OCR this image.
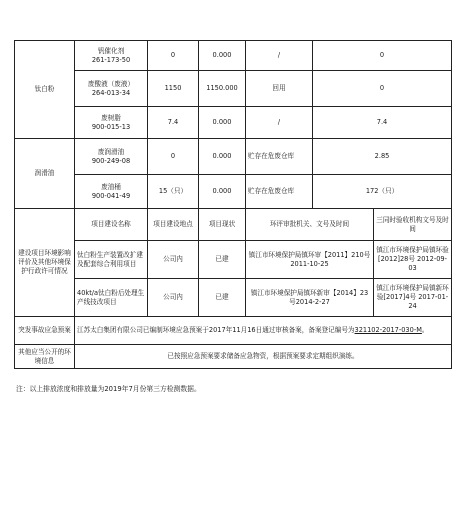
钛白粉	钒催化剂
261-173-50	0	0.000	/	0	
	废酸液（废液）
264-013-34	1150	1150.000	回用	0	
	废树脂
900-015-13	7.4	0.000	/	7.4	
润滑油	废润滑油
900-249-08	0	0.000	贮存在危废仓库	2.85	
	废油桶
900-041-49	15（只）	0.000	贮存在危废仓库	172（只）	
建设项目环境影响评价及其他环境保护行政许可情况	项目建设名称	项目建设地点	项目现状	环评审批机关、文号及时间		三同时验收机构文号及时间
	钛白粉生产装置改扩建及配套综合利用项目	公司内	已建	镇江市环境保护局镇环审【2011】210号 2011-10-25		镇江市环境保护局镇环验[2012]28号 2012-09-03
	40kt/a钛白粉后处理生产线技改项目	公司内	已建	镇江市环境保护局镇环新审【2014】23号2014-2-27		镇江市环境保护局镇新环验[2017]4号 2017-01-24
突发事故应急预案	江苏太白集团有限公司已编制环境应急预案于2017年11月16日通过审核备案，备案登记编号为321102-2017-030-M。					
其他应当公开的环境信息	已按照应急预案要求储备应急物资，根据预案要求定期组织演练。					
注：以上排放浓度和排放量为2019年7月份第三方检测数据。
